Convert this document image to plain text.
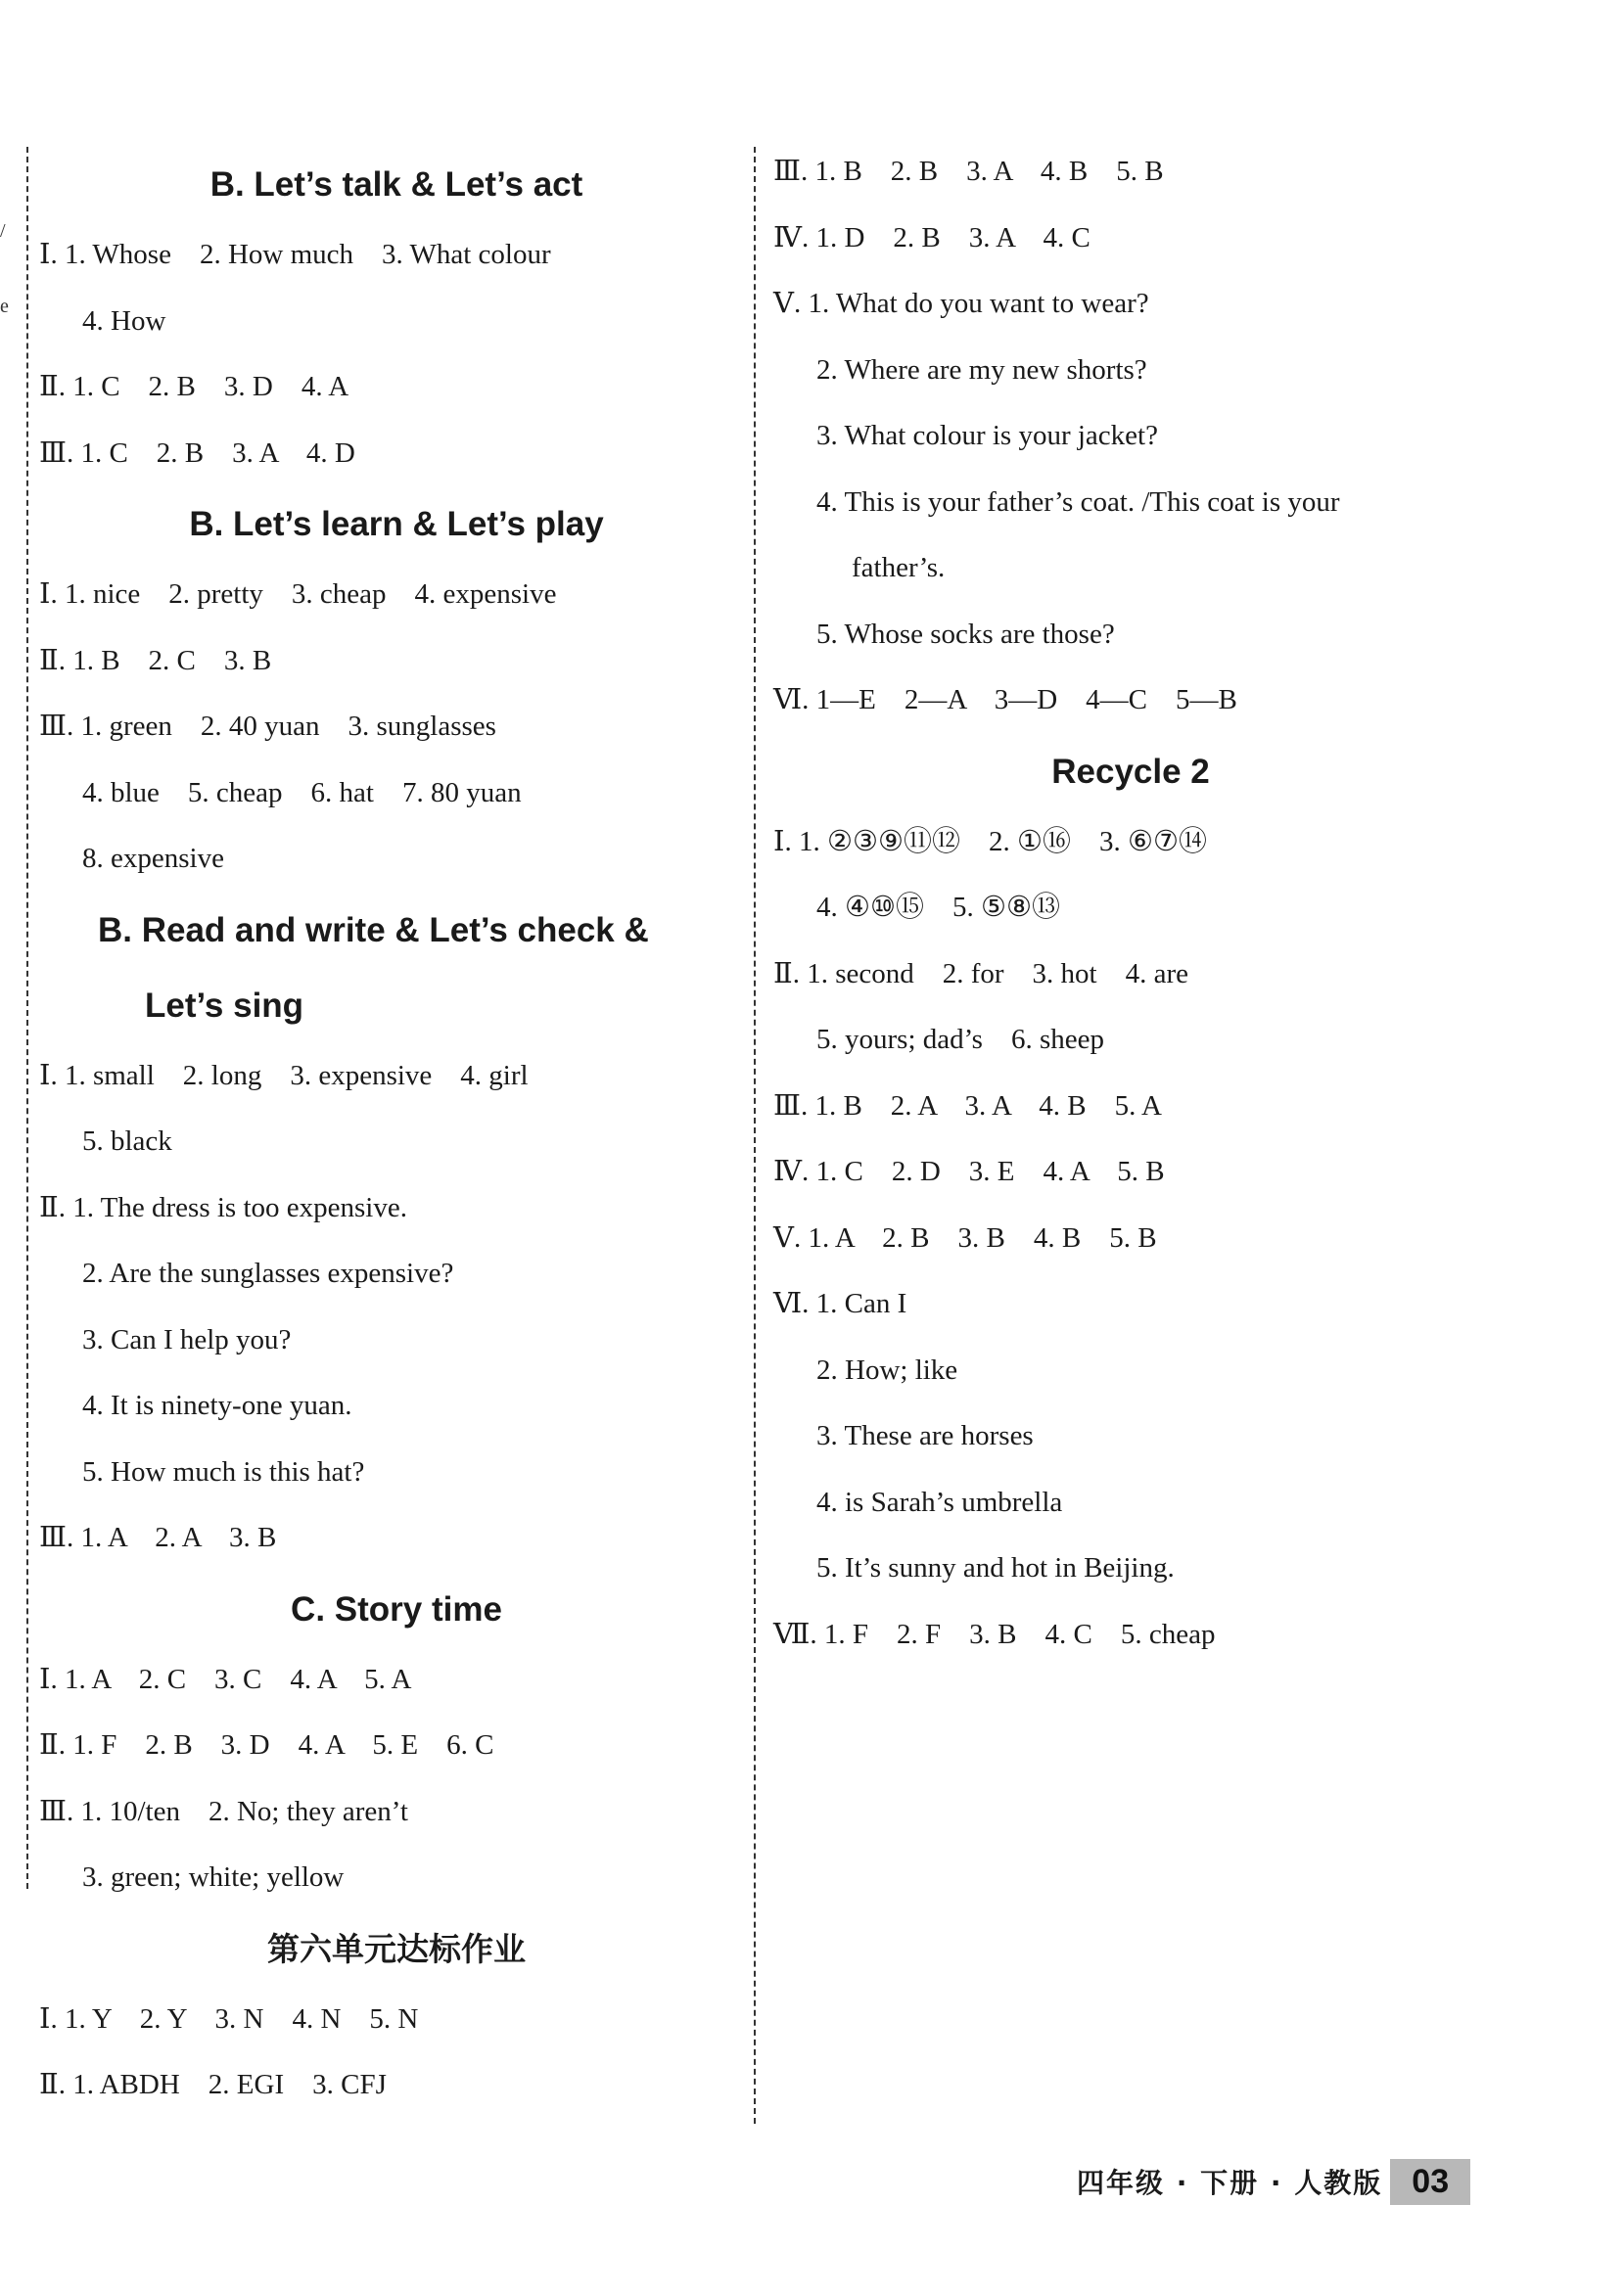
/
e
B. Let’s talk & Let’s act
Ⅰ. 1. Whose    2. How much    3. What colour
4. How
Ⅱ. 1. C    2. B    3. D    4. A
Ⅲ. 1. C    2. B    3. A    4. D
B. Let’s learn & Let’s play
Ⅰ. 1. nice    2. pretty    3. cheap    4. expensive
Ⅱ. 1. B    2. C    3. B
Ⅲ. 1. green    2. 40 yuan    3. sunglasses
4. blue    5. cheap    6. hat    7. 80 yuan
8. expensive
B. Read and write & Let’s check &
Let’s sing
Ⅰ. 1. small    2. long    3. expensive    4. girl
5. black
Ⅱ. 1. The dress is too expensive.
2. Are the sunglasses expensive?
3. Can I help you?
4. It is ninety-one yuan.
5. How much is this hat?
Ⅲ. 1. A    2. A    3. B
C. Story time
Ⅰ. 1. A    2. C    3. C    4. A    5. A
Ⅱ. 1. F    2. B    3. D    4. A    5. E    6. C
Ⅲ. 1. 10/ten    2. No; they aren’t
3. green; white; yellow
第六单元达标作业
Ⅰ. 1. Y    2. Y    3. N    4. N    5. N
Ⅱ. 1. ABDH    2. EGI    3. CFJ
Ⅲ. 1. B    2. B    3. A    4. B    5. B
Ⅳ. 1. D    2. B    3. A    4. C
Ⅴ. 1. What do you want to wear?
2. Where are my new shorts?
3. What colour is your jacket?
4. This is your father’s coat. /This coat is your
father’s.
5. Whose socks are those?
Ⅵ. 1—E    2—A    3—D    4—C    5—B
Recycle 2
Ⅰ. 1. ②③⑨⑪⑫    2. ①⑯    3. ⑥⑦⑭
4. ④⑩⑮    5. ⑤⑧⑬
Ⅱ. 1. second    2. for    3. hot    4. are
5. yours; dad’s    6. sheep
Ⅲ. 1. B    2. A    3. A    4. B    5. A
Ⅳ. 1. C    2. D    3. E    4. A    5. B
Ⅴ. 1. A    2. B    3. B    4. B    5. B
Ⅵ. 1. Can I
2. How; like
3. These are horses
4. is Sarah’s umbrella
5. It’s sunny and hot in Beijing.
Ⅶ. 1. F    2. F    3. B    4. C    5. cheap
四年级 · 下册 · 人教版 03
